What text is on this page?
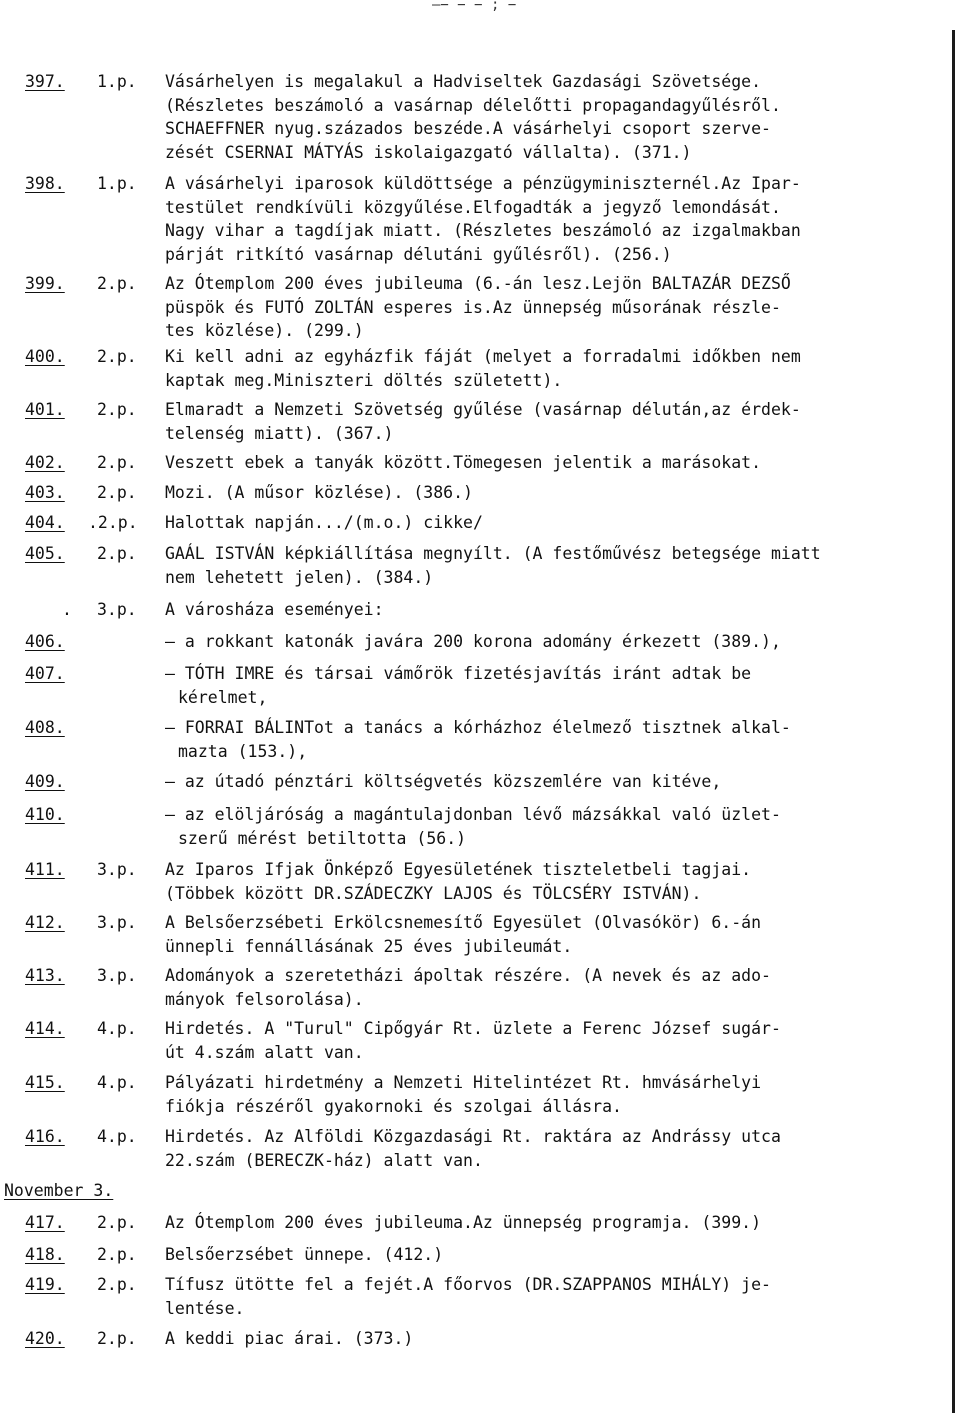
—− − − ; −
397. 1.p. Vásárhelyen is megalakul a Hadviseltek Gazdasági Szövetsége.
(Részletes beszámoló a vasárnap délelőtti propagandagyűlésről.
SCHAEFFNER nyug.százados beszéde.A vásárhelyi csoport szerve-
zését CSERNAI MÁTYÁS iskolaigazgató vállalta). (371.)
398. 1.p. A vásárhelyi iparosok küldöttsége a pénzügyminiszternél.Az Ipar-
testület rendkívüli közgyűlése.Elfogadták a jegyző lemondását.
Nagy vihar a tagdíjak miatt. (Részletes beszámoló az izgalmakban
párját ritkító vasárnap délutáni gyűlésről). (256.)
399. 2.p. Az Ótemplom 200 éves jubileuma (6.-án lesz.Lejön BALTAZÁR DEZSŐ
püspök és FUTÓ ZOLTÁN esperes is.Az ünnepség műsorának részle-
tes közlése). (299.)
400. 2.p. Ki kell adni az egyházfik fáját (melyet a forradalmi időkben nem
kaptak meg.Miniszteri döltés született).
401. 2.p. Elmaradt a Nemzeti Szövetség gyűlése (vasárnap délután,az érdek-
telenség miatt). (367.)
402. 2.p. Veszett ebek a tanyák között.Tömegesen jelentik a marásokat.
403. 2.p. Mozi. (A műsor közlése). (386.)
404. .2.p. Halottak napján.../(m.o.) cikke/
405. 2.p. GAÁL ISTVÁN képkiállítása megnyílt. (A festőművész betegsége miatt
nem lehetett jelen). (384.)
. 3.p. A városháza eseményei:
406.	— a rokkant katonák javára 200 korona adomány érkezett (389.),
407.	— TÓTH IMRE és társai vámőrök fizetésjavítás iránt adtak be
kérelmet,
408.	— FORRAI BÁLINTot a tanács a kórházhoz élelmező tisztnek alkal-
mazta (153.),
409.	— az útadó pénztári költségvetés közszemlére van kitéve,
410.	— az elöljáróság a magántulajdonban lévő mázsákkal való üzlet-
szerű mérést betiltotta (56.)
411. 3.p. Az Iparos Ifjak Önképző Egyesületének tiszteletbeli tagjai.
(Többek között DR.SZÁDECZKY LAJOS és TÖLCSÉRY ISTVÁN).
412. 3.p. A Belsőerzsébeti Erkölcsnemesítő Egyesület (Olvasókör) 6.-án
ünnepli fennállásának 25 éves jubileumát.
413. 3.p. Adományok a szeretetházi ápoltak részére. (A nevek és az ado-
mányok felsorolása).
414. 4.p. Hirdetés. A "Turul" Cipőgyár Rt. üzlete a Ferenc József sugár-
út 4.szám alatt van.
415. 4.p. Pályázati hirdetmény a Nemzeti Hitelintézet Rt. hmvásárhelyi
fiókja részéről gyakornoki és szolgai állásra.
416. 4.p. Hirdetés. Az Alföldi Közgazdasági Rt. raktára az Andrássy utca
22.szám (BERECZK-ház) alatt van.
November 3.
417. 2.p. Az Ótemplom 200 éves jubileuma.Az ünnepség programja. (399.)
418. 2.p. Belsőerzsébet ünnepe. (412.)
419. 2.p. Tífusz ütötte fel a fejét.A főorvos (DR.SZAPPANOS MIHÁLY) je-
lentése.
420. 2.p. A keddi piac árai. (373.)
